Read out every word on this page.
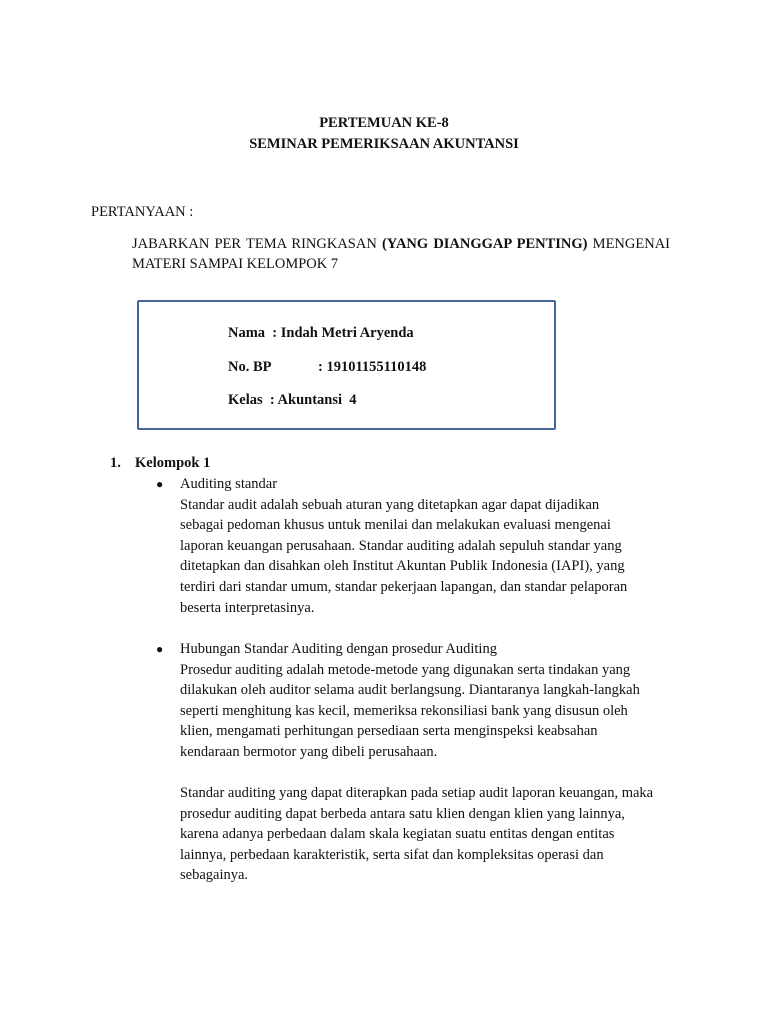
PERTEMUAN KE-8
SEMINAR PEMERIKSAAN AKUNTANSI
PERTANYAAN :
JABARKAN PER TEMA RINGKASAN (YANG DIANGGAP PENTING) MENGENAI MATERI SAMPAI KELOMPOK 7
Nama  : Indah Metri Aryenda
No. BP	: 19101155110148
Kelas  : Akuntansi  4
1. Kelompok 1
● Auditing standar
Standar audit adalah sebuah aturan yang ditetapkan agar dapat dijadikan
sebagai pedoman khusus untuk menilai dan melakukan evaluasi mengenai
laporan keuangan perusahaan. Standar auditing adalah sepuluh standar yang
ditetapkan dan disahkan oleh Institut Akuntan Publik Indonesia (IAPI), yang
terdiri dari standar umum, standar pekerjaan lapangan, dan standar pelaporan
beserta interpretasinya.
● Hubungan Standar Auditing dengan prosedur Auditing
Prosedur auditing adalah metode-metode yang digunakan serta tindakan yang
dilakukan oleh auditor selama audit berlangsung. Diantaranya langkah-langkah
seperti menghitung kas kecil, memeriksa rekonsiliasi bank yang disusun oleh
klien, mengamati perhitungan persediaan serta menginspeksi keabsahan
kendaraan bermotor yang dibeli perusahaan.
Standar auditing yang dapat diterapkan pada setiap audit laporan keuangan, maka
prosedur auditing dapat berbeda antara satu klien dengan klien yang lainnya,
karena adanya perbedaan dalam skala kegiatan suatu entitas dengan entitas
lainnya, perbedaan karakteristik, serta sifat dan kompleksitas operasi dan
sebagainya.
